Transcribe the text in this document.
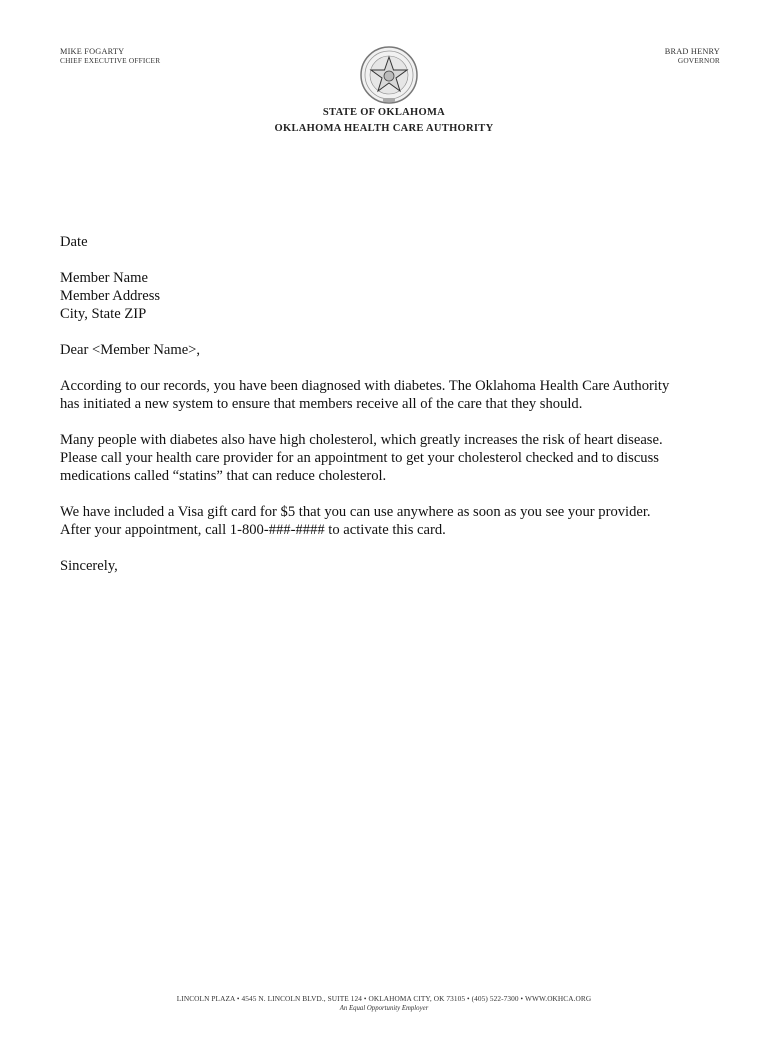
MIKE FOGARTY
CHIEF EXECUTIVE OFFICER
BRAD HENRY
GOVERNOR
STATE OF OKLAHOMA
OKLAHOMA HEALTH CARE AUTHORITY

Date

Member Name

Member Address

City, State ZIP

Dear <Member Name>,

According to our records, you have been diagnosed with diabetes. The Oklahoma Health Care Authority has initiated a new system to ensure that members receive all of the care that they should.

Many people with diabetes also have high cholesterol, which greatly increases the risk of heart disease. Please call your health care provider for an appointment to get your cholesterol checked and to discuss medications called “statins” that can reduce cholesterol.

We have included a Visa gift card for $5 that you can use anywhere as soon as you see your provider. After your appointment, call 1-800-###-#### to activate this card.

Sincerely,

LINCOLN PLAZA • 4545 N. LINCOLN BLVD., SUITE 124 • OKLAHOMA CITY, OK 73105 • (405) 522-7300 • WWW.OKHCA.ORG
An Equal Opportunity Employer
